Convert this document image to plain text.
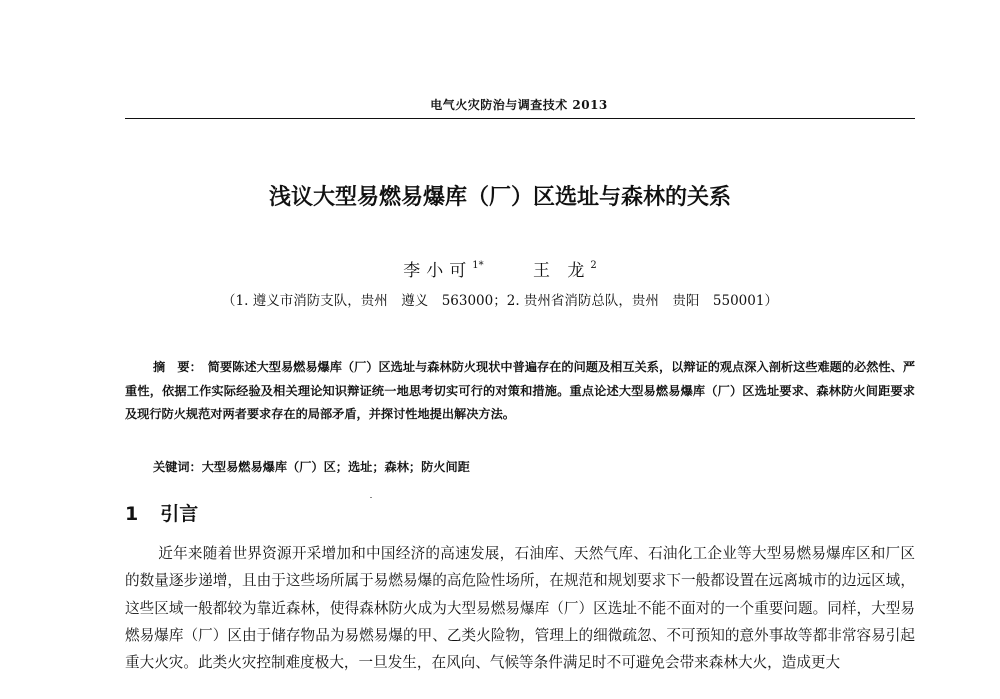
电气火灾防治与调查技术 2013
浅议大型易燃易爆库（厂）区选址与森林的关系
李小可$^{1*}$	王 龙$^2$
（1. 遵义市消防支队，贵州　遵义　563000；2. 贵州省消防总队，贵州　贵阳　550001）
摘　要： 简要陈述大型易燃易爆库（厂）区选址与森林防火现状中普遍存在的问题及相互关系，以辩证的观点深入剖析这些难题的必然性、严重性，依据工作实际经验及相关理论知识辩证统一地思考切实可行的对策和措施。重点论述大型易燃易爆库（厂）区选址要求、森林防火间距要求及现行防火规范对两者要求存在的局部矛盾，并探讨性地提出解决方法。
关键词：大型易燃易爆库（厂）区；选址；森林；防火间距
1 引言
近年来随着世界资源开采增加和中国经济的高速发展，石油库、天然气库、石油化工企业等大型易燃易爆库区和厂区的数量逐步递增，且由于这些场所属于易燃易爆的高危险性场所，在规范和规划要求下一般都设置在远离城市的边远区域，这些区域一般都较为靠近森林，使得森林防火成为大型易燃易爆库（厂）区选址不能不面对的一个重要问题。同样，大型易燃易爆库（厂）区由于储存物品为易燃易爆的甲、乙类火险物，管理上的细微疏忽、不可预知的意外事故等都非常容易引起重大火灾。此类火灾控制难度极大，一旦发生，在风向、气候等条件满足时不可避免会带来森林大火，造成更大
